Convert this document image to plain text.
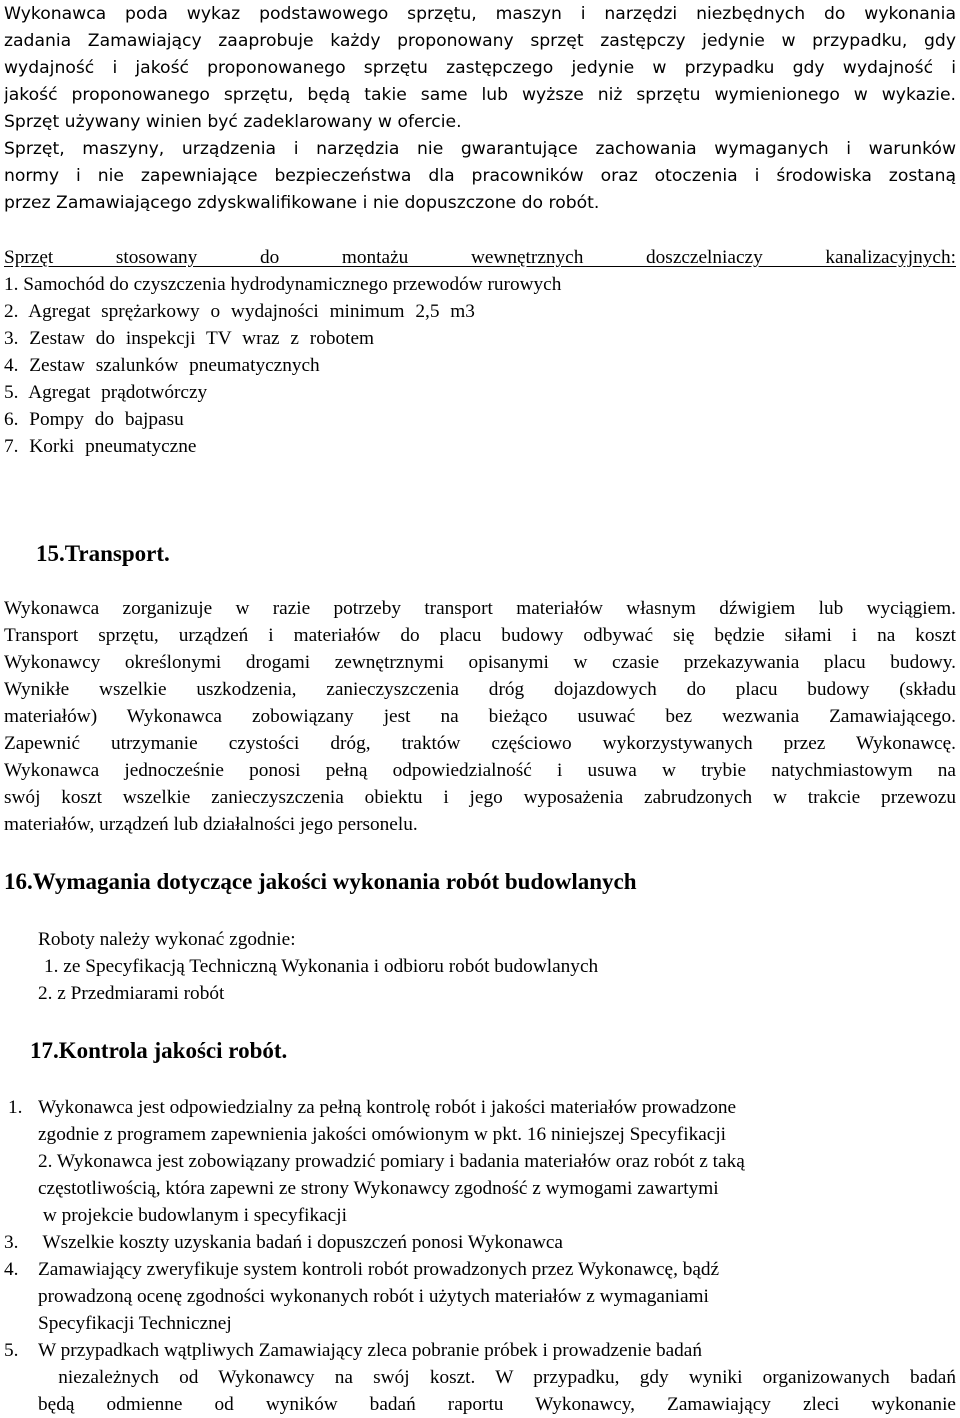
Wykonawca poda wykaz podstawowego sprzętu, maszyn i narzędzi niezbędnych do wykonania
zadania Zamawiający zaaprobuje każdy proponowany sprzęt zastępczy jedynie w przypadku, gdy
wydajność i jakość proponowanego sprzętu zastępczego jedynie w przypadku gdy wydajność i
jakość proponowanego sprzętu, będą takie same lub wyższe niż sprzętu wymienionego w wykazie.
Sprzęt używany winien być zadeklarowany w ofercie.
Sprzęt, maszyny, urządzenia i narzędzia nie gwarantujące zachowania wymaganych i warunków
normy i nie zapewniające bezpieczeństwa dla pracowników oraz otoczenia i środowiska zostaną
przez Zamawiającego zdyskwalifikowane i nie dopuszczone do robót.
Sprzęt stosowany do montażu wewnętrznych doszczelniaczy kanalizacyjnych:
1. Samochód do czyszczenia hydrodynamicznego przewodów rurowych
2. Agregat sprężarkowy o wydajności minimum 2,5 m3
3. Zestaw do inspekcji TV wraz z robotem
4. Zestaw szalunków pneumatycznych
5. Agregat prądotwórczy
6. Pompy do bajpasu
7. Korki pneumatyczne
15.Transport.
Wykonawca zorganizuje w razie potrzeby transport materiałów własnym dźwigiem lub wyciągiem.
Transport sprzętu, urządzeń i materiałów do placu budowy odbywać się będzie siłami i na koszt
Wykonawcy określonymi drogami zewnętrznymi opisanymi w czasie przekazywania placu budowy.
Wynikłe wszelkie uszkodzenia, zanieczyszczenia dróg dojazdowych do placu budowy (składu
materiałów) Wykonawca zobowiązany jest na bieżąco usuwać bez wezwania Zamawiającego.
Zapewnić utrzymanie czystości dróg, traktów częściowo wykorzystywanych przez Wykonawcę.
Wykonawca jednocześnie ponosi pełną odpowiedzialność i usuwa w trybie natychmiastowym na
swój koszt wszelkie zanieczyszczenia obiektu i jego wyposażenia zabrudzonych w trakcie przewozu
materiałów, urządzeń lub działalności jego personelu.
16.Wymagania dotyczące jakości wykonania robót budowlanych
Roboty należy wykonać zgodnie:
1. ze Specyfikacją Techniczną Wykonania i odbioru robót budowlanych
2. z Przedmiarami robót
17.Kontrola jakości robót.
1. Wykonawca jest odpowiedzialny za pełną kontrolę robót i jakości materiałów prowadzone
zgodnie z programem zapewnienia jakości omówionym w pkt. 16 niniejszej Specyfikacji
2. Wykonawca jest zobowiązany prowadzić pomiary i badania materiałów oraz robót z taką
częstotliwością, która zapewni ze strony Wykonawcy zgodność z wymogami zawartymi
w projekcie budowlanym i specyfikacji
3. Wszelkie koszty uzyskania badań i dopuszczeń ponosi Wykonawca
4. Zamawiający zweryfikuje system kontroli robót prowadzonych przez Wykonawcę, bądź
prowadzoną ocenę zgodności wykonanych robót i użytych materiałów z wymaganiami
Specyfikacji Technicznej
5. W przypadkach wątpliwych Zamawiający zleca pobranie próbek i prowadzenie badań
niezależnych od Wykonawcy na swój koszt. W przypadku, gdy wyniki organizowanych badań
będą odmienne od wyników badań raportu Wykonawcy, Zamawiający zleci wykonanie
